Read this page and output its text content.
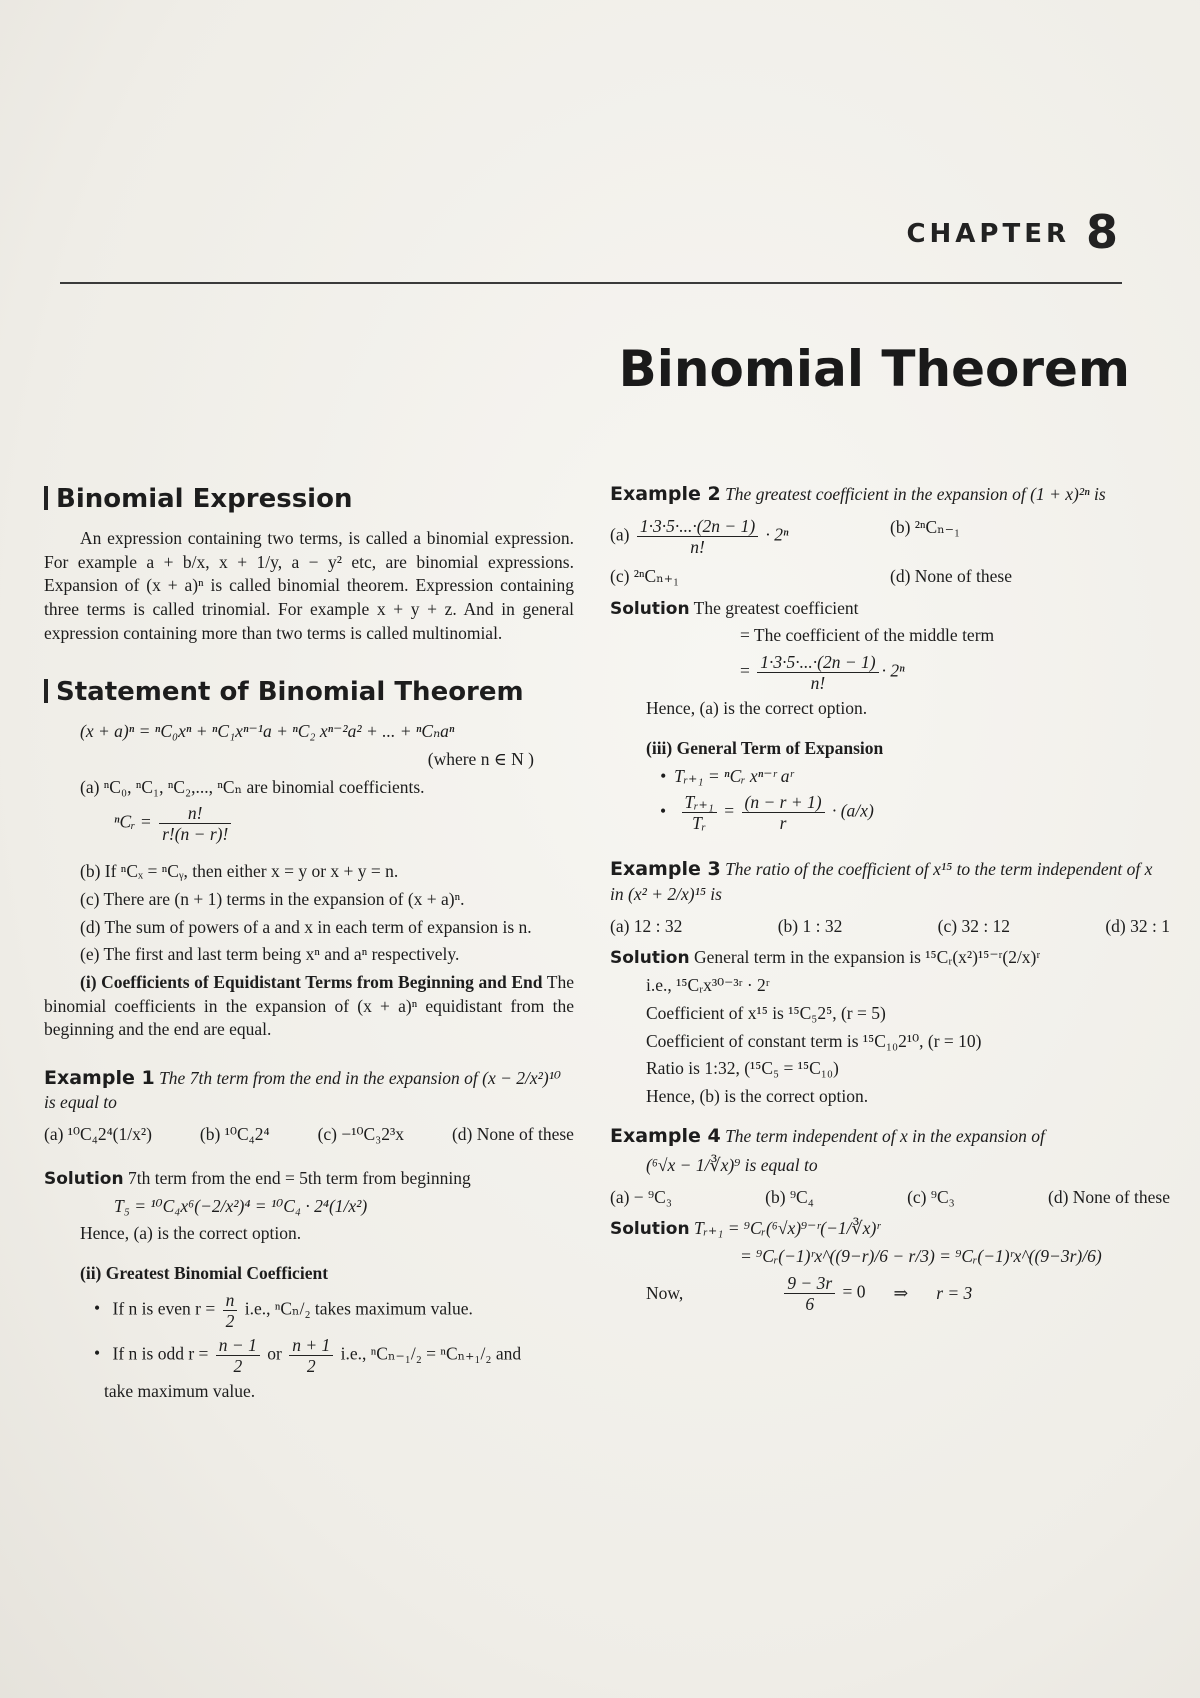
CHAPTER 8
Binomial Theorem
Binomial Expression

An expression containing two terms, is called a binomial expression. For example a + b/x, x + 1/y, a − y² etc, are binomial expressions. Expansion of (x + a)ⁿ is called binomial theorem. Expression containing three terms is called trinomial. For example x + y + z. And in general expression containing more than two terms is called multinomial.

Statement of Binomial Theorem
(x + a)ⁿ = ⁿC₀xⁿ + ⁿC₁xⁿ⁻¹a + ⁿC₂ xⁿ⁻²a² + ... + ⁿCₙaⁿ
(where n ∈ N )
(a) ⁿC₀, ⁿC₁, ⁿC₂,..., ⁿCₙ are binomial coefficients.
ⁿCᵣ = $\frac{n!}{r!(n - r)!}$
(b) If ⁿCₓ = ⁿCᵧ, then either x = y or x + y = n.
(c) There are (n + 1) terms in the expansion of (x + a)ⁿ.
(d) The sum of powers of a and x in each term of expansion is n.
(e) The first and last term being xⁿ and aⁿ respectively.
(i) Coefficients of Equidistant Terms from Beginning and End The binomial coefficients in the expansion of (x + a)ⁿ equidistant from the beginning and the end are equal.
Example 1 The 7th term from the end in the expansion of (x − 2/x²)¹⁰ is equal to
(a) ¹⁰C₄2⁴(1/x²)	(b) ¹⁰C₄2⁴	(c) −¹⁰C₃2³x	(d) None of these
Solution 7th term from the end = 5th term from beginning
T₅ = ¹⁰C₄x⁶(−2/x²)⁴ = ¹⁰C₄ · 2⁴(1/x²)
Hence, (a) is the correct option.
(ii) Greatest Binomial Coefficient
• If n is even $r = \frac{n}{2} i.e$., ⁿCₙ/₂ takes maximum value.
• If n is odd $r = \frac{n - 1}{2}$ or $\frac{n + 1}{2} i.e$., ⁿCₙ₋₁/₂ = ⁿCₙ₊₁/₂ and
take maximum value.
Example 2 The greatest coefficient in the expansion of (1 + x)²ⁿ is
$(a) \frac{1\cdot 3\cdot 5\cdot...\cdot(2n - 1)}{n!} \cdot 2^n$	(b) ²ⁿCₙ₋₁
(c) ²ⁿCₙ₊₁	(d) None of these
Solution The greatest coefficient
= The coefficient of the middle term
= $\frac{1\cdot 3\cdot 5\cdot...\cdot(2n - 1)}{n!} \cdot 2^n$
Hence, (a) is the correct option.
(iii) General Term of Expansion
• Tᵣ₊₁ = ⁿCᵣ xⁿ⁻ʳ aʳ

• $\frac{\text{Tᵣ₊₁}}{\text{Tᵣ}} = \frac{(n - r + 1)}{r} \cdot (a/x)$
Example 3 The ratio of the coefficient of x¹⁵ to the term independent of x in (x² + 2/x)¹⁵ is
(a) 12 : 32	(b) 1 : 32	(c) 32 : 12	(d) 32 : 1
Solution General term in the expansion is ¹⁵Cᵣ(x²)¹⁵⁻ʳ(2/x)ʳ
i.e., ¹⁵Cᵣx³⁰⁻³ʳ · 2ʳ
Coefficient of x¹⁵ is ¹⁵C₅2⁵, (r = 5)
Coefficient of constant term is ¹⁵C₁₀2¹⁰, (r = 10)
Ratio is 1:32, (¹⁵C₅ = ¹⁵C₁₀)
Hence, (b) is the correct option.
Example 4 The term independent of x in the expansion of
(⁶√x − 1/∛x)⁹ is equal to
(a) − ⁹C₃	(b) ⁹C₄	(c) ⁹C₃	(d) None of these
Solution Tᵣ₊₁ = ⁹Cᵣ(⁶√x)⁹⁻ʳ(−1/∛x)ʳ
= ⁹Cᵣ(−1)ʳx^((9−r)/6 − r/3) = ⁹Cᵣ(−1)ʳx^((9−3r)/6)
Now,	$\frac{9 - 3r}{6} = 0$ ⇒ r = 3
